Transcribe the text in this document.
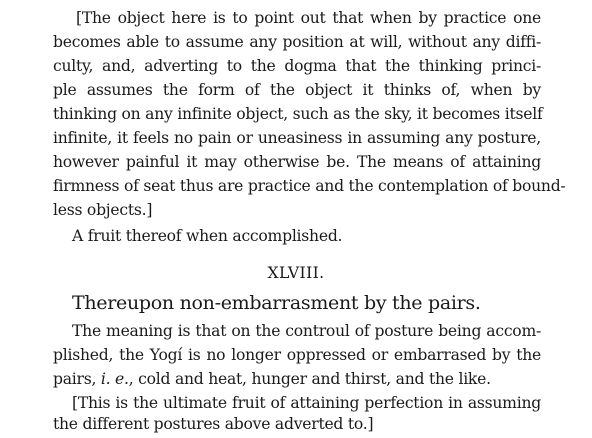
[The object here is to point out that when by practice one
becomes able to assume any position at will, without any diffi-
culty, and, adverting to the dogma that the thinking princi-
ple assumes the form of the object it thinks of, when by
thinking on any infinite object, such as the sky, it becomes itself
infinite, it feels no pain or uneasiness in assuming any posture,
however painful it may otherwise be. The means of attaining
firmness of seat thus are practice and the contemplation of bound-
less objects.]
A fruit thereof when accomplished.
XLVIII.
Thereupon non-embarrasment by the pairs.
The meaning is that on the controul of posture being accom-
plished, the Yogí is no longer oppressed or embarrased by the
pairs, i. e., cold and heat, hunger and thirst, and the like.
[This is the ultimate fruit of attaining perfection in assuming
the different postures above adverted to.]
